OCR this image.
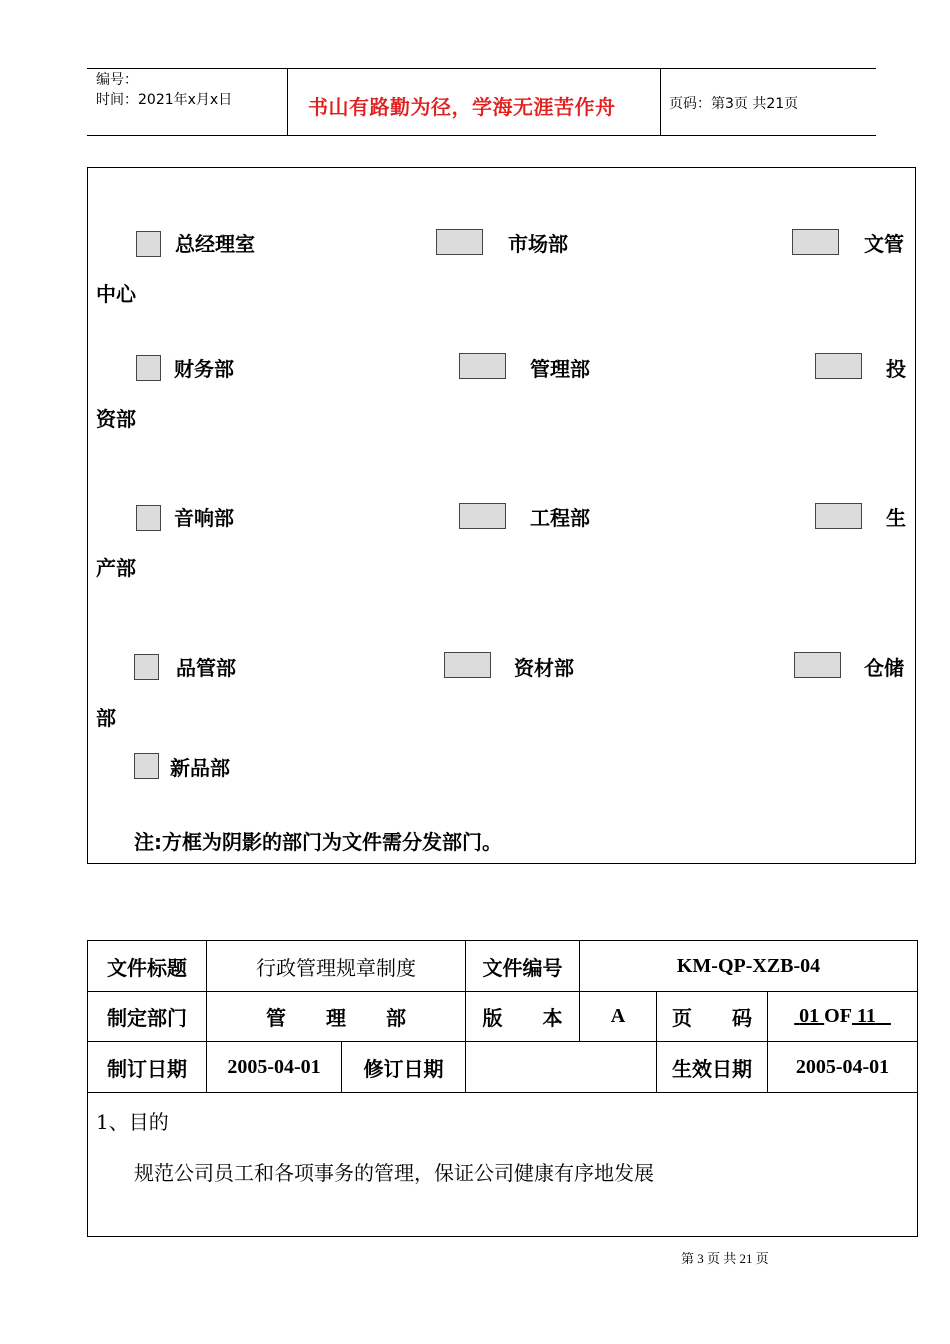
编号：
时间：2021年x月x日	书山有路勤为径，学海无涯苦作舟	页码：第3页 共21页
总经理室	市场部	文管
中心
财务部	管理部	投
资部
音响部	工程部	生
产部
品管部	资材部	仓储
部
新品部
注:方框为阴影的部门为文件需分发部门。
文件标题	行政管理规章制度		文件编号	KM-QP-XZB-04		
制定部门	管　　理　　部		版　　本	A	页　　码	01 OF 11
制订日期	2005-04-01	修订日期			生效日期	2005-04-01

1、目的
规范公司员工和各项事务的管理，保证公司健康有序地发展
第 3 页 共 21 页
